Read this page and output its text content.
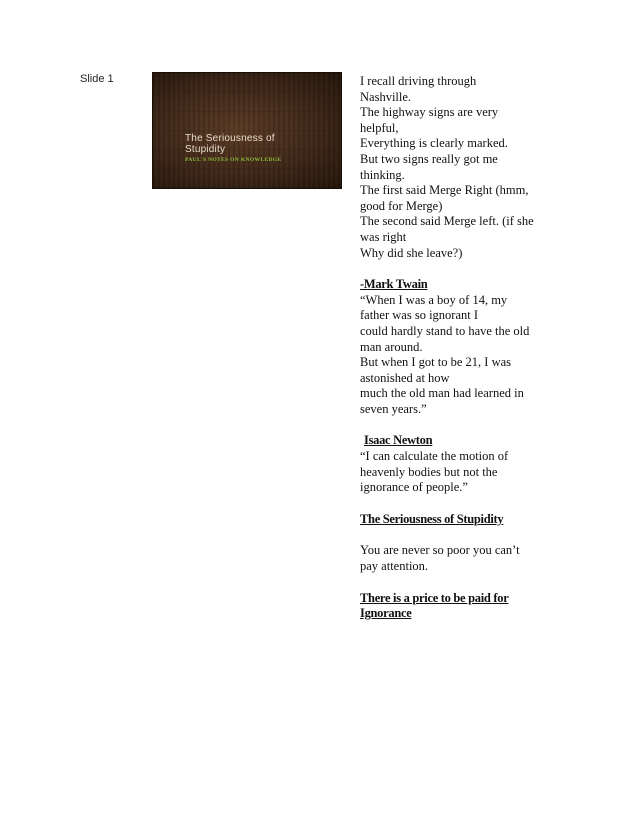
Slide 1
The Seriousness of Stupidity
PAUL'S NOTES ON KNOWLEDGE

I recall driving through

Nashville.

The highway signs are very

helpful,

Everything is clearly marked.

But two signs really got me

thinking.

The first said Merge Right (hmm,

good for Merge)

The second said Merge left. (if she

was right

Why did she leave?)

-Mark Twain

“When I was a boy of 14, my

father was so ignorant I

could hardly stand to have the old

man around.

But when I got to be 21, I was

astonished at how

much the old man had learned in

seven years.”

Isaac Newton

“I can calculate the motion of

heavenly bodies but not the

ignorance of people.”

The Seriousness of Stupidity

You are never so poor you can’t

pay attention.

There is a price to be paid for

Ignorance
